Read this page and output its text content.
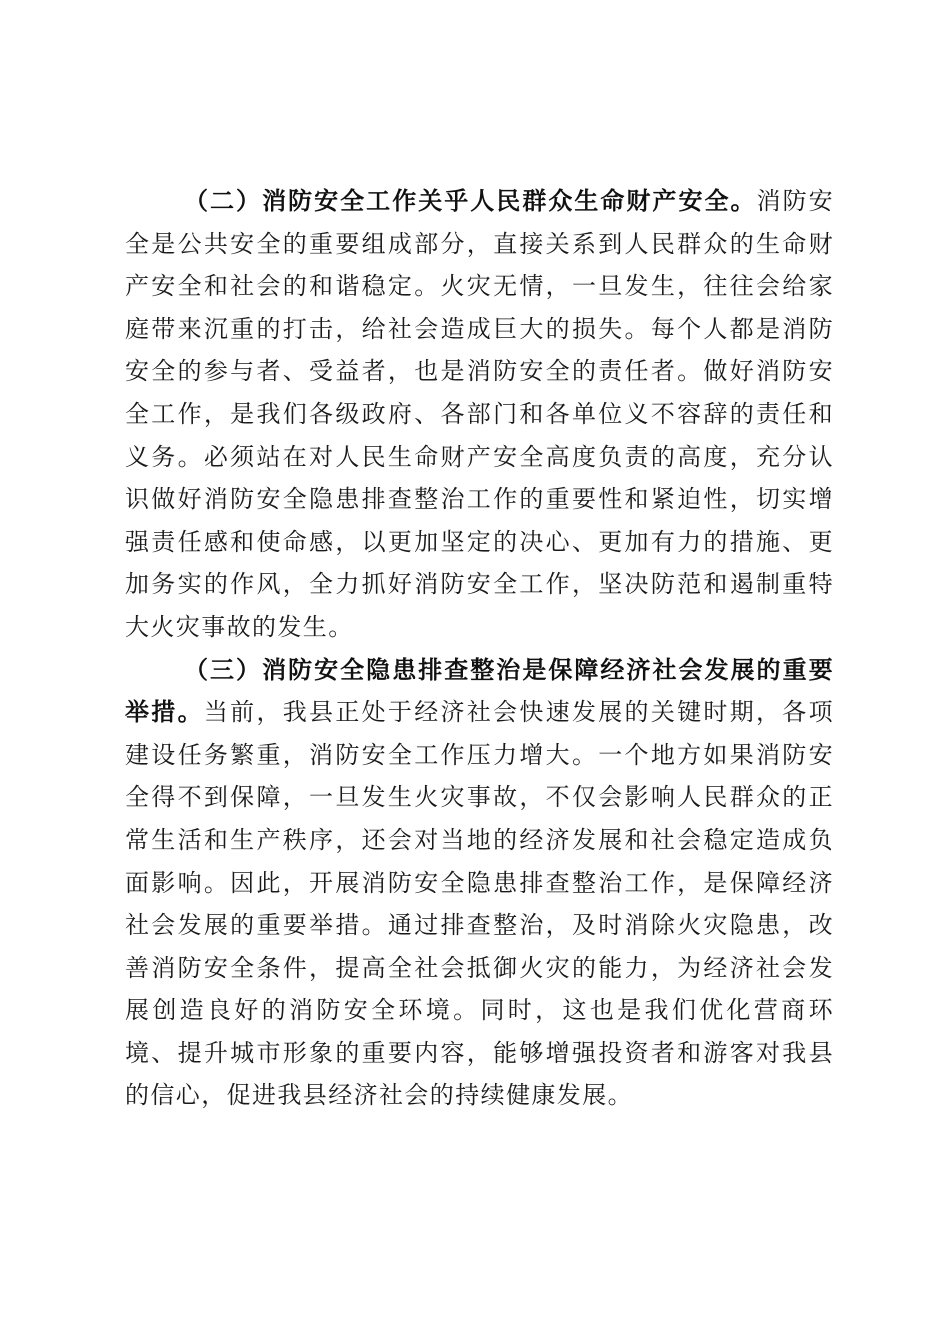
（二）消防安全工作关乎人民群众生命财产安全。消防安全是公共安全的重要组成部分，直接关系到人民群众的生命财产安全和社会的和谐稳定。火灾无情，一旦发生，往往会给家庭带来沉重的打击，给社会造成巨大的损失。每个人都是消防安全的参与者、受益者，也是消防安全的责任者。做好消防安全工作，是我们各级政府、各部门和各单位义不容辞的责任和义务。必须站在对人民生命财产安全高度负责的高度，充分认识做好消防安全隐患排查整治工作的重要性和紧迫性，切实增强责任感和使命感，以更加坚定的决心、更加有力的措施、更加务实的作风，全力抓好消防安全工作，坚决防范和遏制重特大火灾事故的发生。

（三）消防安全隐患排查整治是保障经济社会发展的重要举措。当前，我县正处于经济社会快速发展的关键时期，各项建设任务繁重，消防安全工作压力增大。一个地方如果消防安全得不到保障，一旦发生火灾事故，不仅会影响人民群众的正常生活和生产秩序，还会对当地的经济发展和社会稳定造成负面影响。因此，开展消防安全隐患排查整治工作，是保障经济社会发展的重要举措。通过排查整治，及时消除火灾隐患，改善消防安全条件，提高全社会抵御火灾的能力，为经济社会发展创造良好的消防安全环境。同时，这也是我们优化营商环境、提升城市形象的重要内容，能够增强投资者和游客对我县的信心，促进我县经济社会的持续健康发展。
